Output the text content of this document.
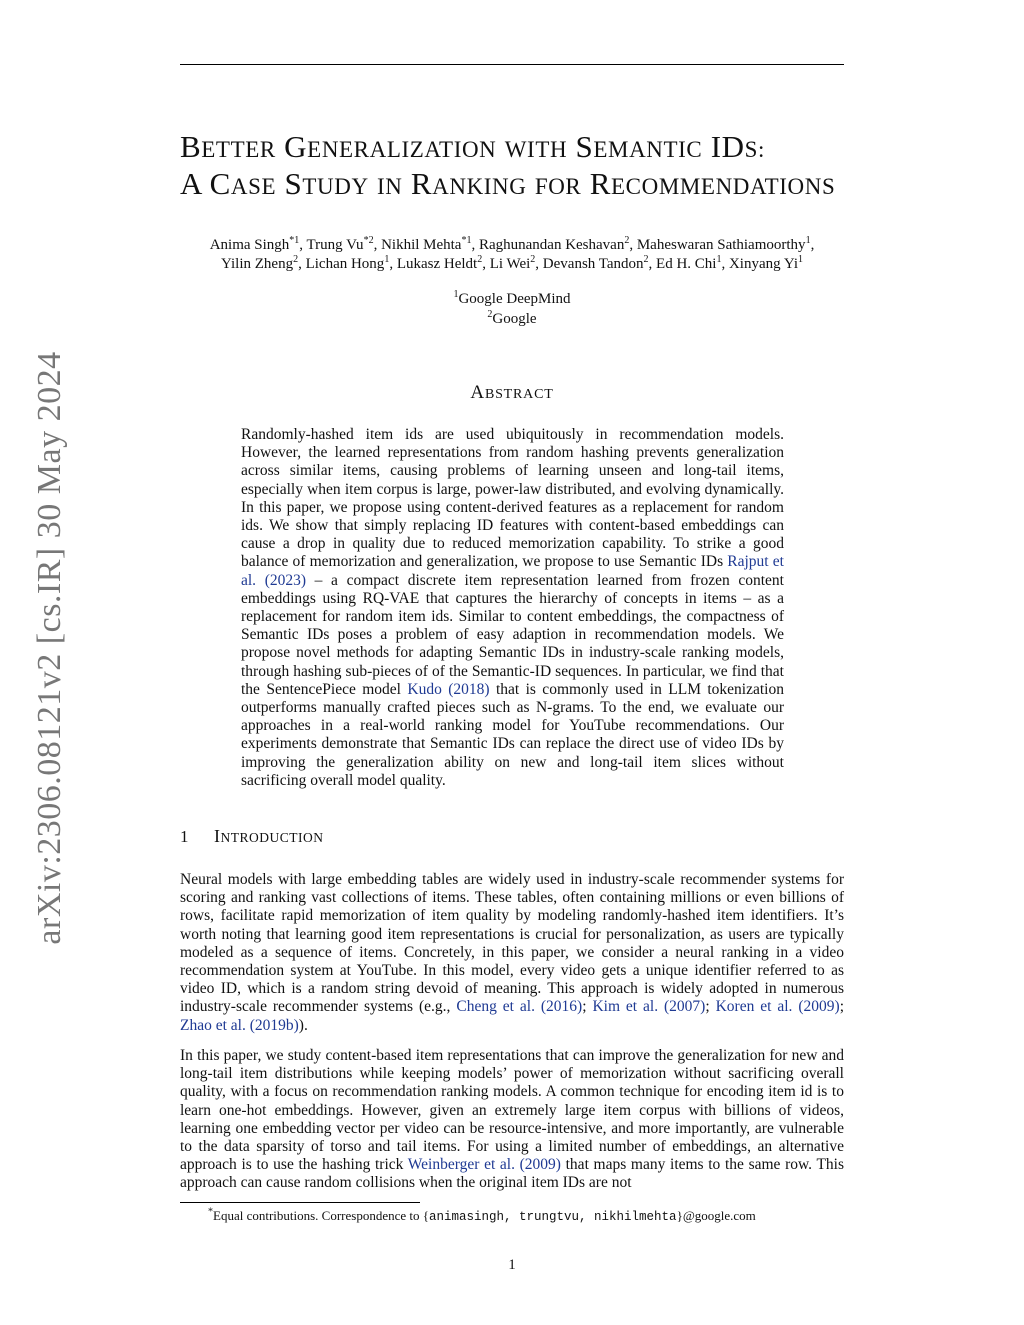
arXiv:2306.08121v2 [cs.IR] 30 May 2024
BETTER GENERALIZATION WITH SEMANTIC IDS:
A CASE STUDY IN RANKING FOR RECOMMENDATIONS
Anima Singh$^{*1}$, Trung Vu$^{*2}$, Nikhil Mehta$^{*1}$, Raghunandan Keshavan$^2$, Maheswaran Sathiamoorthy$^1$,
Yilin Zheng$^2$, Lichan Hong$^1$, Lukasz Heldt$^2$, Li Wei$^2$, Devansh Tandon$^2$, Ed H. Chi$^1$, Xinyang Yi$^1$
$^1$Google DeepMind
$^2$Google
ABSTRACT
Randomly-hashed item ids are used ubiquitously in recommendation models. However, the learned representations from random hashing prevents generalization across similar items, causing problems of learning unseen and long-tail items, especially when item corpus is large, power-law distributed, and evolving dynamically. In this paper, we propose using content-derived features as a replacement for random ids. We show that simply replacing ID features with content-based embeddings can cause a drop in quality due to reduced memorization capability. To strike a good balance of memorization and generalization, we propose to use Semantic IDs Rajput et al. (2023) – a compact discrete item representation learned from frozen content embeddings using RQ-VAE that captures the hierarchy of concepts in items – as a replacement for random item ids. Similar to content embeddings, the compactness of Semantic IDs poses a problem of easy adaption in recommendation models. We propose novel methods for adapting Semantic IDs in industry-scale ranking models, through hashing sub-pieces of of the Semantic-ID sequences. In particular, we find that the SentencePiece model Kudo (2018) that is commonly used in LLM tokenization outperforms manually crafted pieces such as N-grams. To the end, we evaluate our approaches in a real-world ranking model for YouTube recommendations. Our experiments demonstrate that Semantic IDs can replace the direct use of video IDs by improving the generalization ability on new and long-tail item slices without sacrificing overall model quality.
1 INTRODUCTION
Neural models with large embedding tables are widely used in industry-scale recommender systems for scoring and ranking vast collections of items. These tables, often containing millions or even billions of rows, facilitate rapid memorization of item quality by modeling randomly-hashed item identifiers. It’s worth noting that learning good item representations is crucial for personalization, as users are typically modeled as a sequence of items. Concretely, in this paper, we consider a neural ranking in a video recommendation system at YouTube. In this model, every video gets a unique identifier referred to as video ID, which is a random string devoid of meaning. This approach is widely adopted in numerous industry-scale recommender systems (e.g., Cheng et al. (2016); Kim et al. (2007); Koren et al. (2009); Zhao et al. (2019b)).
In this paper, we study content-based item representations that can improve the generalization for new and long-tail item distributions while keeping models’ power of memorization without sacrificing overall quality, with a focus on recommendation ranking models. A common technique for encoding item id is to learn one-hot embeddings. However, given an extremely large item corpus with billions of videos, learning one embedding vector per video can be resource-intensive, and more importantly, are vulnerable to the data sparsity of torso and tail items. For using a limited number of embeddings, an alternative approach is to use the hashing trick Weinberger et al. (2009) that maps many items to the same row. This approach can cause random collisions when the original item IDs are not
*Equal contributions. Correspondence to {animasingh, trungtvu, nikhilmehta}@google.com
1
